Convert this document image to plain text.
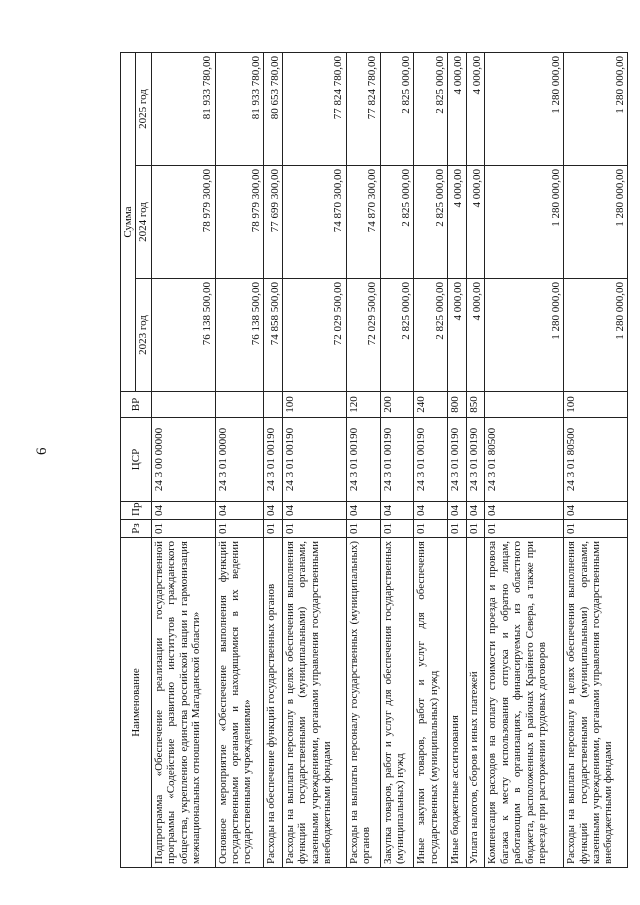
6
Наименование	Рз	Пр	ЦСР	ВР	Сумма		
					2023 год	2024 год	2025 год
Подпрограмма «Обеспечение реализации государственной программы «Содействие развитию институтов гражданского общества, укреплению единства российской нации и гармонизация межнациональных отношений Магаданской области»	01	04	24 3 00 00000		76 138 500,00	78 979 300,00	81 933 780,00
Основное мероприятие «Обеспечение выполнения функций государственными органами и находящимися в их ведении государственными учреждениями»	01	04	24 3 01 00000		76 138 500,00	78 979 300,00	81 933 780,00
Расходы на обеспечение функций государственных органов	01	04	24 3 01 00190		74 858 500,00	77 699 300,00	80 653 780,00
Расходы на выплаты персоналу в целях обеспечения выполнения функций государственными (муниципальными) органами, казенными учреждениями, органами управления государственными внебюджетными фондами	01	04	24 3 01 00190	100	72 029 500,00	74 870 300,00	77 824 780,00
Расходы на выплаты персоналу государственных (муниципальных) органов	01	04	24 3 01 00190	120	72 029 500,00	74 870 300,00	77 824 780,00
Закупка товаров, работ и услуг для обеспечения государственных (муниципальных) нужд	01	04	24 3 01 00190	200	2 825 000,00	2 825 000,00	2 825 000,00
Иные закупки товаров, работ и услуг для обеспечения государственных (муниципальных) нужд	01	04	24 3 01 00190	240	2 825 000,00	2 825 000,00	2 825 000,00
Иные бюджетные ассигнования	01	04	24 3 01 00190	800	4 000,00	4 000,00	4 000,00
Уплата налогов, сборов и иных платежей	01	04	24 3 01 00190	850	4 000,00	4 000,00	4 000,00
Компенсация расходов на оплату стоимости проезда и провоза багажа к месту использования отпуска и обратно лицам, работающим в организациях, финансируемых из областного бюджета, расположенных в районах Крайнего Севера, а также при переезде при расторжении трудовых договоров	01	04	24 3 01 80500		1 280 000,00	1 280 000,00	1 280 000,00
Расходы на выплаты персоналу в целях обеспечения выполнения функций государственными (муниципальными) органами, казенными учреждениями, органами управления государственными внебюджетными фондами	01	04	24 3 01 80500	100	1 280 000,00	1 280 000,00	1 280 000,00
